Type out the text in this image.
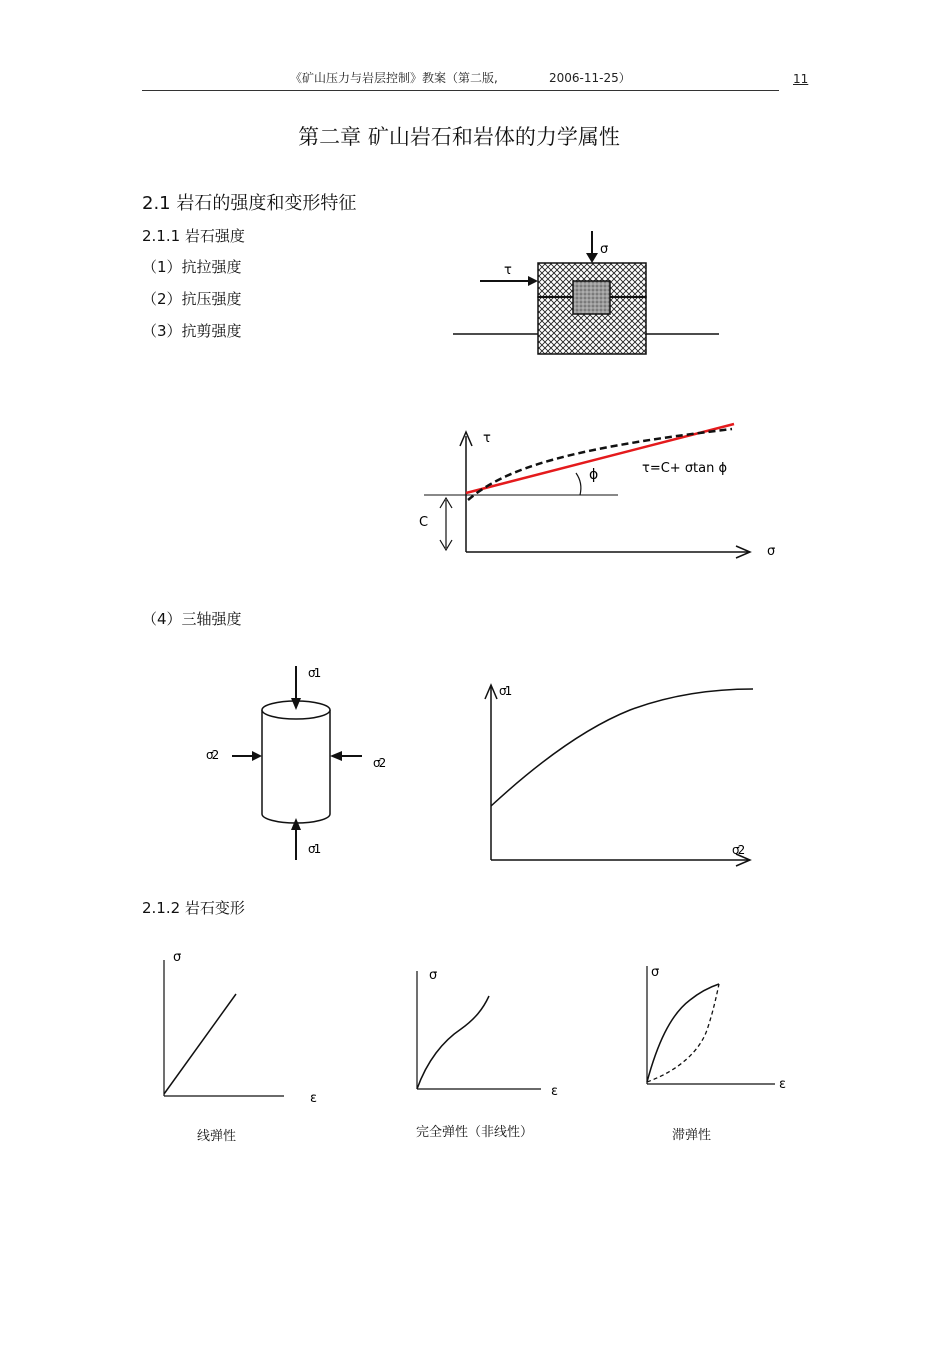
《矿山压力与岩层控制》教案（第二版,	2006-11-25）	11
第二章 矿山岩石和岩体的力学属性
2.1 岩石的强度和变形特征
2.1.1 岩石强度
（1）抗拉强度
（2）抗压强度
（3）抗剪强度
（4）三轴强度
2.1.2 岩石变形
σ
τ
τ
σ
C
ϕ	τ=C+ σtan ϕ
σ1
σ1
σ2
σ2
σ1
σ2
σ
ε
线弹性
σ
ε
完全弹性（非线性）
σ
ε
滞弹性
